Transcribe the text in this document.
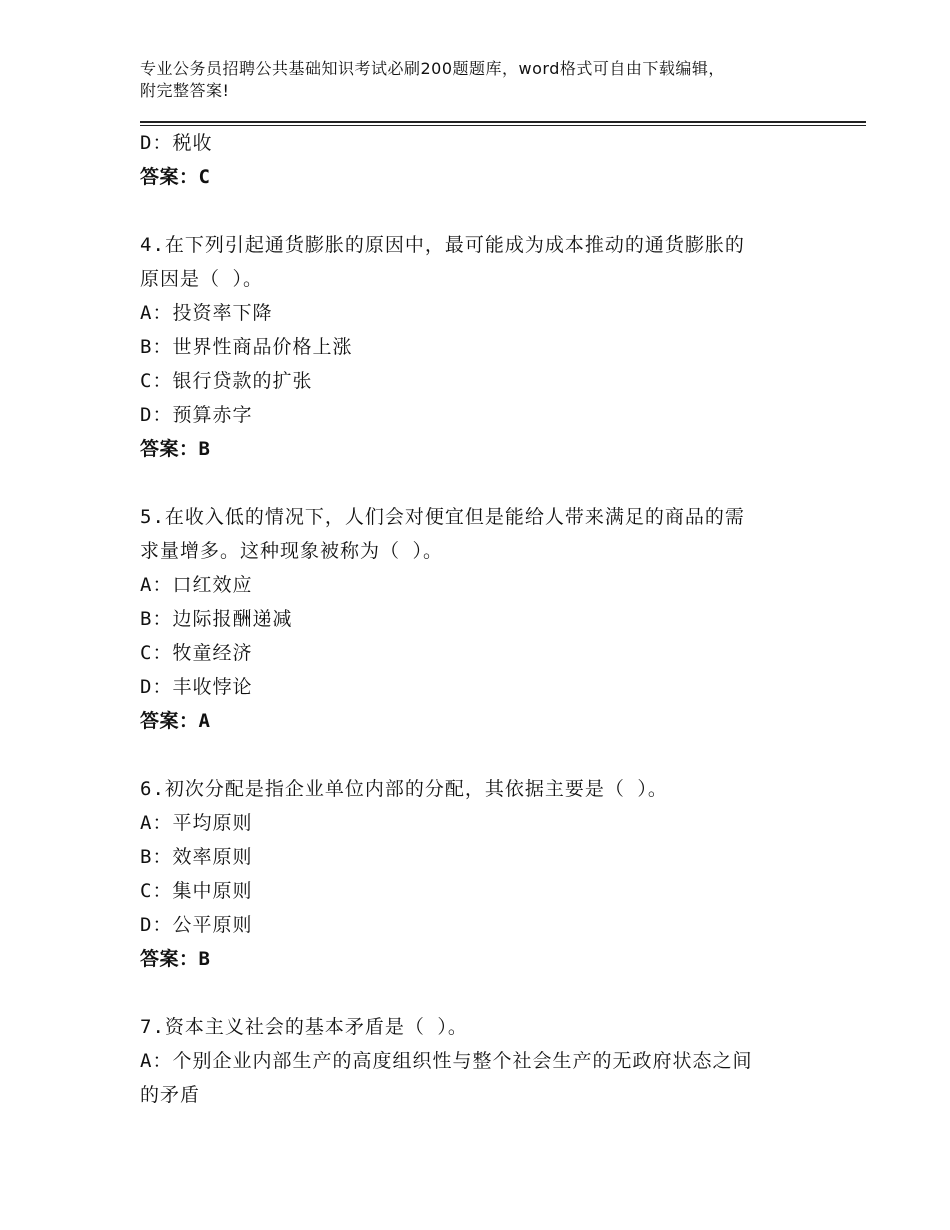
专业公务员招聘公共基础知识考试必刷200题题库，word格式可自由下载编辑，
附完整答案!
D：税收
答案：C
4.在下列引起通货膨胀的原因中，最可能成为成本推动的通货膨胀的
原因是（ ）。
A：投资率下降
B：世界性商品价格上涨
C：银行贷款的扩张
D：预算赤字
答案：B
5.在收入低的情况下，人们会对便宜但是能给人带来满足的商品的需
求量增多。这种现象被称为（ ）。
A：口红效应
B：边际报酬递减
C：牧童经济
D：丰收悖论
答案：A
6.初次分配是指企业单位内部的分配，其依据主要是（ ）。
A：平均原则
B：效率原则
C：集中原则
D：公平原则
答案：B
7.资本主义社会的基本矛盾是（ ）。
A：个别企业内部生产的高度组织性与整个社会生产的无政府状态之间
的矛盾
